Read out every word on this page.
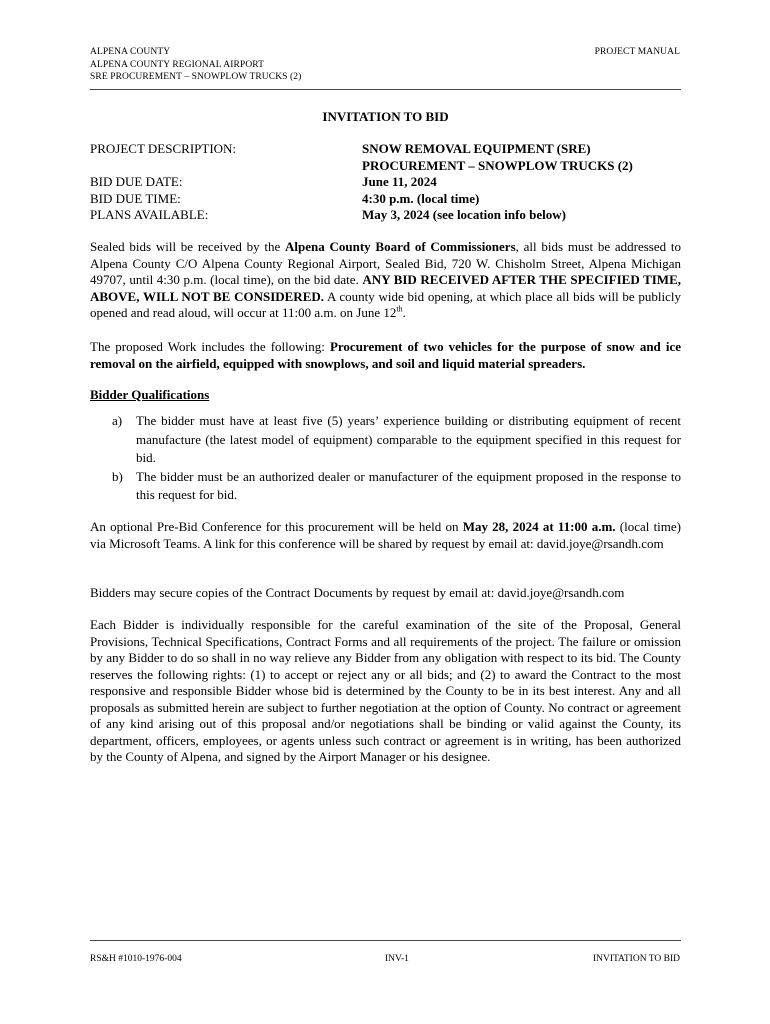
ALPENA COUNTY
ALPENA COUNTY REGIONAL AIRPORT
SRE PROCUREMENT – SNOWPLOW TRUCKS (2)
PROJECT MANUAL
INVITATION TO BID
PROJECT DESCRIPTION:	SNOW REMOVAL EQUIPMENT (SRE)
PROCUREMENT – SNOWPLOW TRUCKS (2)
BID DUE DATE:	June 11, 2024
BID DUE TIME:	4:30 p.m. (local time)
PLANS AVAILABLE:	May 3, 2024 (see location info below)
Sealed bids will be received by the Alpena County Board of Commissioners, all bids must be addressed to Alpena County C/O Alpena County Regional Airport, Sealed Bid, 720 W. Chisholm Street, Alpena Michigan 49707, until 4:30 p.m. (local time), on the bid date. ANY BID RECEIVED AFTER THE SPECIFIED TIME, ABOVE, WILL NOT BE CONSIDERED. A county wide bid opening, at which place all bids will be publicly opened and read aloud, will occur at 11:00 a.m. on June 12th.
The proposed Work includes the following: Procurement of two vehicles for the purpose of snow and ice removal on the airfield, equipped with snowplows, and soil and liquid material spreaders.
Bidder Qualifications
a) The bidder must have at least five (5) years’ experience building or distributing equipment of recent manufacture (the latest model of equipment) comparable to the equipment specified in this request for bid.
b) The bidder must be an authorized dealer or manufacturer of the equipment proposed in the response to this request for bid.
An optional Pre-Bid Conference for this procurement will be held on May 28, 2024 at 11:00 a.m. (local time) via Microsoft Teams. A link for this conference will be shared by request by email at: david.joye@rsandh.com
Bidders may secure copies of the Contract Documents by request by email at: david.joye@rsandh.com
Each Bidder is individually responsible for the careful examination of the site of the Proposal, General Provisions, Technical Specifications, Contract Forms and all requirements of the project. The failure or omission by any Bidder to do so shall in no way relieve any Bidder from any obligation with respect to its bid. The County reserves the following rights: (1) to accept or reject any or all bids; and (2) to award the Contract to the most responsive and responsible Bidder whose bid is determined by the County to be in its best interest. Any and all proposals as submitted herein are subject to further negotiation at the option of County. No contract or agreement of any kind arising out of this proposal and/or negotiations shall be binding or valid against the County, its department, officers, employees, or agents unless such contract or agreement is in writing, has been authorized by the County of Alpena, and signed by the Airport Manager or his designee.
RS&H #1010-1976-004	INV-1	INVITATION TO BID
